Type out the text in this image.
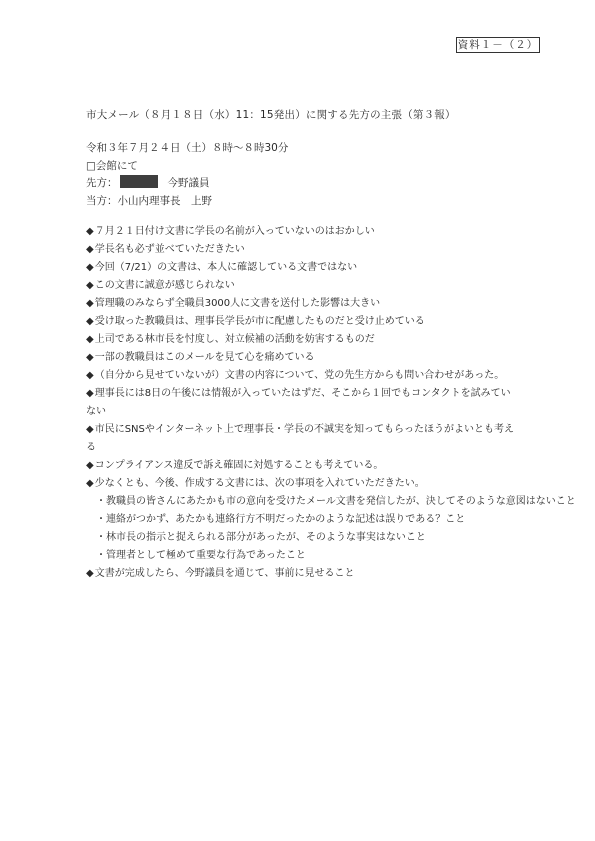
資料１－（２）
市大メール（８月１８日（水）11：15発出）に関する先方の主張（第３報）
令和３年７月２４日（土）８時～８時30分
□会館にて
先方：	今野議員
当方：小山内理事長　上野
◆７月２１日付け文書に学長の名前が入っていないのはおかしい
◆学長名も必ず並べていただきたい
◆今回（7/21）の文書は、本人に確認している文書ではない
◆この文書に誠意が感じられない
◆管理職のみならず全職員3000人に文書を送付した影響は大きい
◆受け取った教職員は、理事長学長が市に配慮したものだと受け止めている
◆上司である林市長を忖度し、対立候補の活動を妨害するものだ
◆一部の教職員はこのメールを見て心を痛めている
◆（自分から見せていないが）文書の内容について、党の先生方からも問い合わせがあった。
◆理事長には8日の午後には情報が入っていたはずだ、そこから１回でもコンタクトを試みていない
◆市民にSNSやインターネット上で理事長・学長の不誠実を知ってもらったほうがよいとも考える
◆コンプライアンス違反で訴え確固に対処することも考えている。
◆少なくとも、今後、作成する文書には、次の事項を入れていただきたい。
・教職員の皆さんにあたかも市の意向を受けたメール文書を発信したが、決してそのような意図はないこと
・連絡がつかず、あたかも連絡行方不明だったかのような記述は誤りである？こと
・林市長の指示と捉えられる部分があったが、そのような事実はないこと
・管理者として極めて重要な行為であったこと
◆文書が完成したら、今野議員を通じて、事前に見せること
